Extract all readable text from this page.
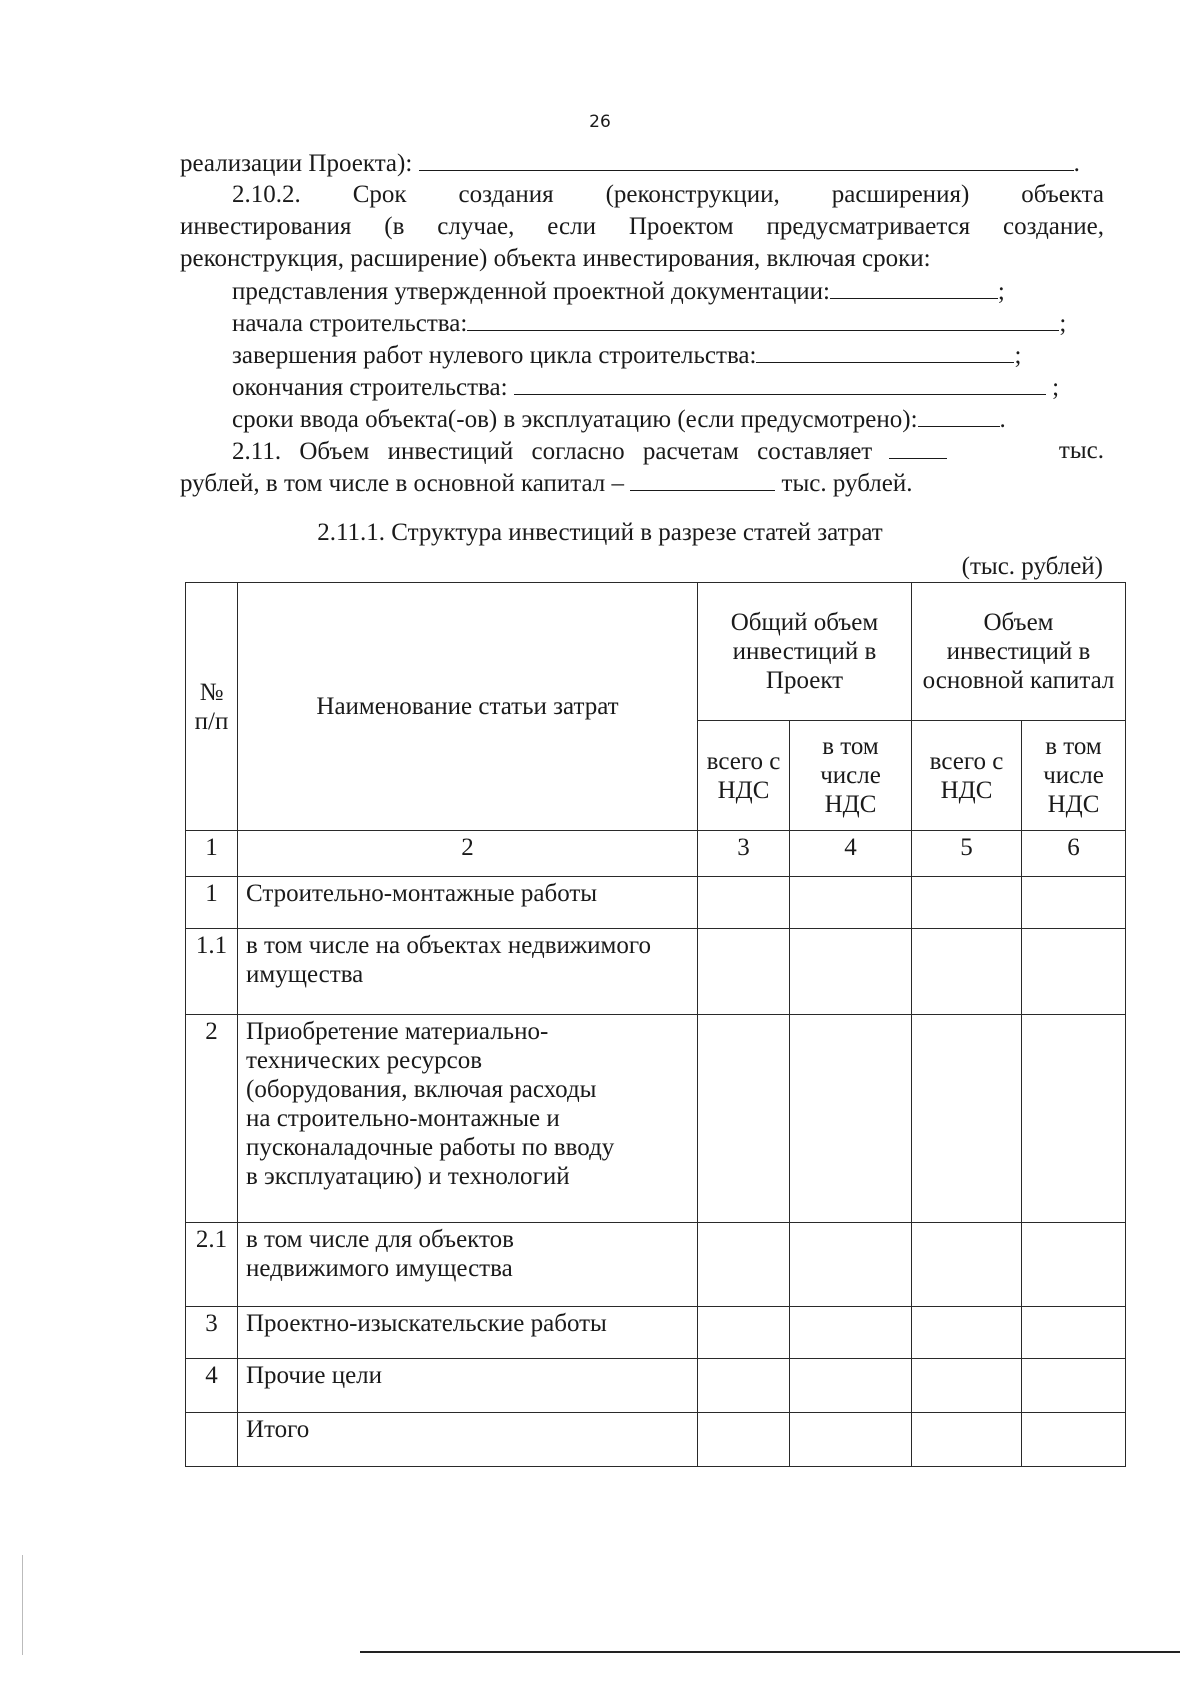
26
реализации Проекта):	.
2.10.2. Срок создания (реконструкции, расширения) объекта
инвестирования (в случае, если Проектом предусматривается создание,
реконструкция, расширение) объекта инвестирования, включая сроки:
представления утвержденной проектной документации:	;
начала строительства:	;
завершения работ нулевого цикла строительства:	;
окончания строительства:	;
сроки ввода объекта(-ов) в эксплуатацию (если предусмотрено):	.
2.11. Объем инвестиций согласно расчетам составляет	тыс.
рублей, в том числе в основной капитал –	тыс. рублей.
2.11.1. Структура инвестиций в разрезе статей затрат
(тыс. рублей)
№ п/п	Наименование статьи затрат	Общий объем инвестиций в Проект		Объем инвестиций в основной капитал	
		всего с НДС	в том числе НДС	всего с НДС	в том числе НДС
1	2	3	4	5	6
1	Строительно-монтажные работы				
1.1	в том числе на объектах недвижимого имущества				
2	Приобретение материально-технических ресурсов (оборудования, включая расходы на строительно-монтажные и пусконаладочные работы по вводу в эксплуатацию) и технологий				
2.1	в том числе для объектов недвижимого имущества				
3	Проектно-изыскательские работы				
4	Прочие цели				
	Итого				
